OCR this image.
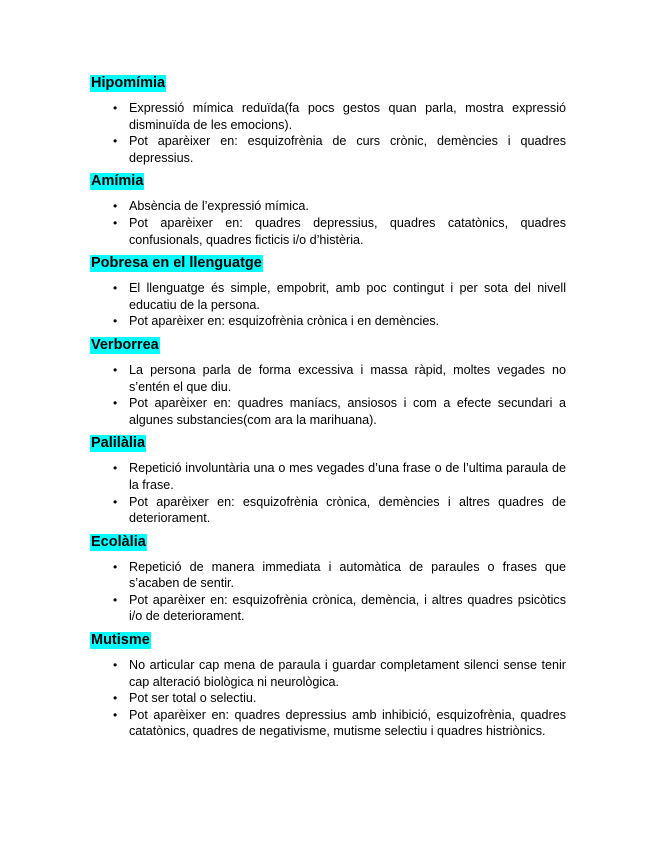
Hipomímia
• Expressió mímica reduïda(fa pocs gestos quan parla, mostra expressió disminuïda de les emocions).
• Pot aparèixer en: esquizofrènia de curs crònic, demències i quadres depressius.
Amímia
• Absència de l’expressió mímica.
• Pot aparèixer en: quadres depressius, quadres catatònics, quadres confusionals, quadres ficticis i/o d’histèria.
Pobresa en el llenguatge
• El llenguatge és simple, empobrit, amb poc contingut i per sota del nivell educatiu de la persona.
• Pot aparèixer en: esquizofrènia crònica i en demències.
Verborrea
• La persona parla de forma excessiva i massa ràpid, moltes vegades no s’entén el que diu.
• Pot aparèixer en: quadres maníacs, ansiosos i com a efecte secundari a algunes substancies(com ara la marihuana).
Palilàlia
• Repetició involuntària una o mes vegades d’una frase o de l’ultima paraula de la frase.
• Pot aparèixer en: esquizofrènia crònica, demències i altres quadres de deteriorament.
Ecolàlia
• Repetició de manera immediata i automàtica de paraules o frases que s’acaben de sentir.
• Pot aparèixer en: esquizofrènia crònica, demència, i altres quadres psicòtics i/o de deteriorament.
Mutisme
• No articular cap mena de paraula i guardar completament silenci sense tenir cap alteració biològica ni neurològica.
• Pot ser total o selectiu.
• Pot aparèixer en: quadres depressius amb inhibició, esquizofrènia, quadres catatònics, quadres de negativisme, mutisme selectiu i quadres histriònics.
